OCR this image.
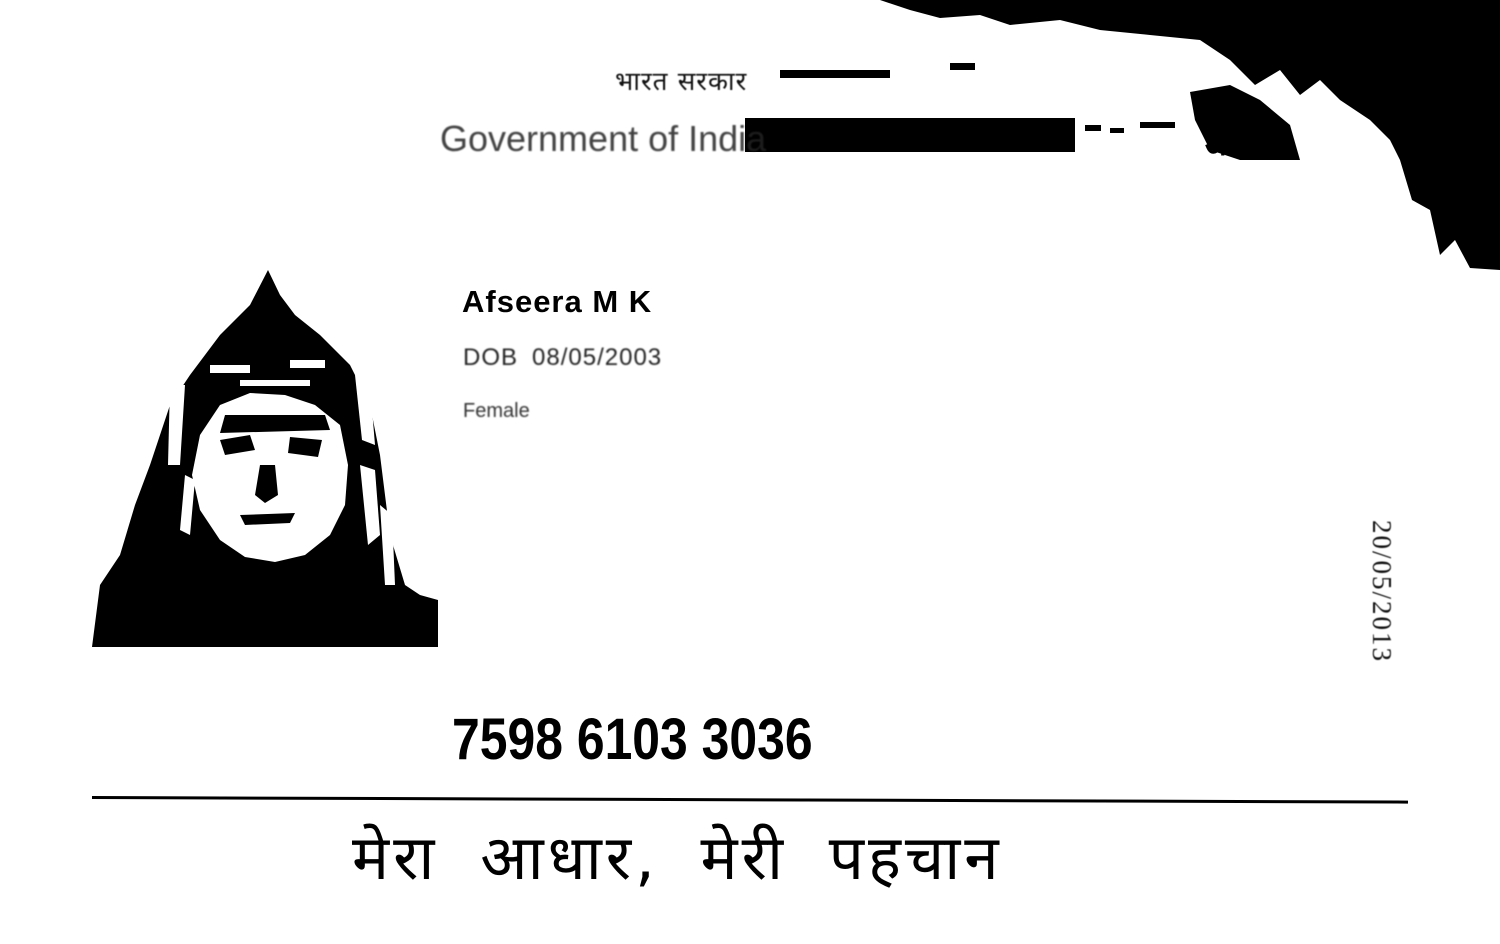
भारत सरकार
Government of India	आधार
Afseera M K
DOB 08/05/2003
Female
20/05/2013
7598 6103 3036
मेरा आधार, मेरी पहचान
